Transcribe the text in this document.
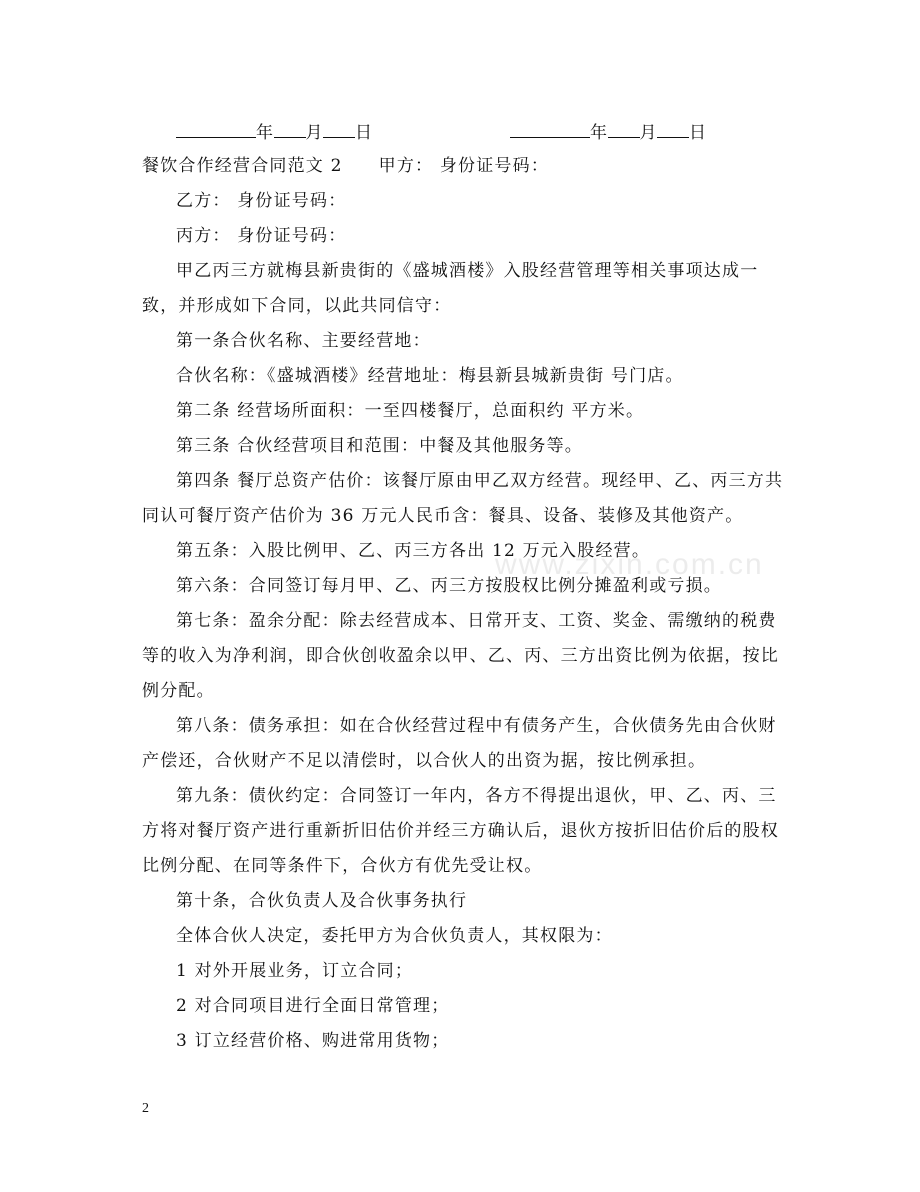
年 月 日	年 月 日
餐饮合作经营合同范文 2 甲方： 身份证号码：
乙方： 身份证号码：
丙方： 身份证号码：
甲乙丙三方就梅县新贵街的《盛城酒楼》入股经营管理等相关事项达成一
致，并形成如下合同，以此共同信守：
第一条合伙名称、主要经营地：
合伙名称：《盛城酒楼》经营地址：梅县新县城新贵街 号门店。
第二条 经营场所面积：一至四楼餐厅，总面积约 平方米。
第三条 合伙经营项目和范围：中餐及其他服务等。
第四条 餐厅总资产估价：该餐厅原由甲乙双方经营。现经甲、乙、丙三方共
同认可餐厅资产估价为 36 万元人民币含：餐具、设备、装修及其他资产。
第五条：入股比例甲、乙、丙三方各出 12 万元入股经营。
第六条：合同签订每月甲、乙、丙三方按股权比例分摊盈利或亏损。
第七条：盈余分配：除去经营成本、日常开支、工资、奖金、需缴纳的税费
等的收入为净利润，即合伙创收盈余以甲、乙、丙、三方出资比例为依据，按比
例分配。
第八条：债务承担：如在合伙经营过程中有债务产生，合伙债务先由合伙财
产偿还，合伙财产不足以清偿时，以合伙人的出资为据，按比例承担。
第九条：债伙约定：合同签订一年内，各方不得提出退伙，甲、乙、丙、三
方将对餐厅资产进行重新折旧估价并经三方确认后，退伙方按折旧估价后的股权
比例分配、在同等条件下，合伙方有优先受让权。
第十条，合伙负责人及合伙事务执行
全体合伙人决定，委托甲方为合伙负责人，其权限为：
1 对外开展业务，订立合同；
2 对合同项目进行全面日常管理；
3 订立经营价格、购进常用货物；
www.zixin.com.cn
2
